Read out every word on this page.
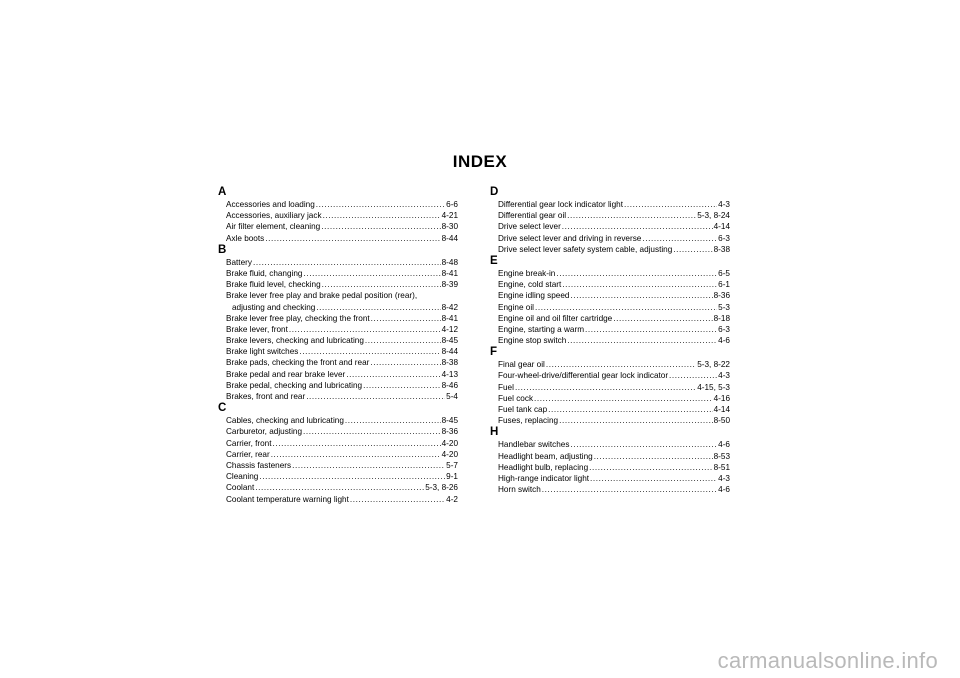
INDEX
A
Accessories and loading .....	6-6
Accessories, auxiliary jack .....	4-21
Air filter element, cleaning .....	8-30
Axle boots .....	8-44
B
Battery .....	8-48
Brake fluid, changing .....	8-41
Brake fluid level, checking .....	8-39
Brake lever free play and brake pedal position (rear),
adjusting and checking .....	8-42
Brake lever free play, checking the front .....	8-41
Brake lever, front .....	4-12
Brake levers, checking and lubricating .....	8-45
Brake light switches .....	8-44
Brake pads, checking the front and rear .....	8-38
Brake pedal and rear brake lever .....	4-13
Brake pedal, checking and lubricating .....	8-46
Brakes, front and rear .....	5-4
C
Cables, checking and lubricating .....	8-45
Carburetor, adjusting .....	8-36
Carrier, front .....	4-20
Carrier, rear .....	4-20
Chassis fasteners .....	5-7
Cleaning .....	9-1
Coolant .....	5-3, 8-26
Coolant temperature warning light .....	4-2
D
Differential gear lock indicator light .....	4-3
Differential gear oil .....	5-3, 8-24
Drive select lever .....	4-14
Drive select lever and driving in reverse .....	6-3
Drive select lever safety system cable, adjusting .....	8-38
E
Engine break-in .....	6-5
Engine, cold start .....	6-1
Engine idling speed .....	8-36
Engine oil .....	5-3
Engine oil and oil filter cartridge .....	8-18
Engine, starting a warm .....	6-3
Engine stop switch .....	4-6
F
Final gear oil .....	5-3, 8-22
Four-wheel-drive/differential gear lock indicator .....	4-3
Fuel .....	4-15, 5-3
Fuel cock .....	4-16
Fuel tank cap .....	4-14
Fuses, replacing .....	8-50
H
Handlebar switches .....	4-6
Headlight beam, adjusting .....	8-53
Headlight bulb, replacing .....	8-51
High-range indicator light .....	4-3
Horn switch .....	4-6
carmanualsonline.info
